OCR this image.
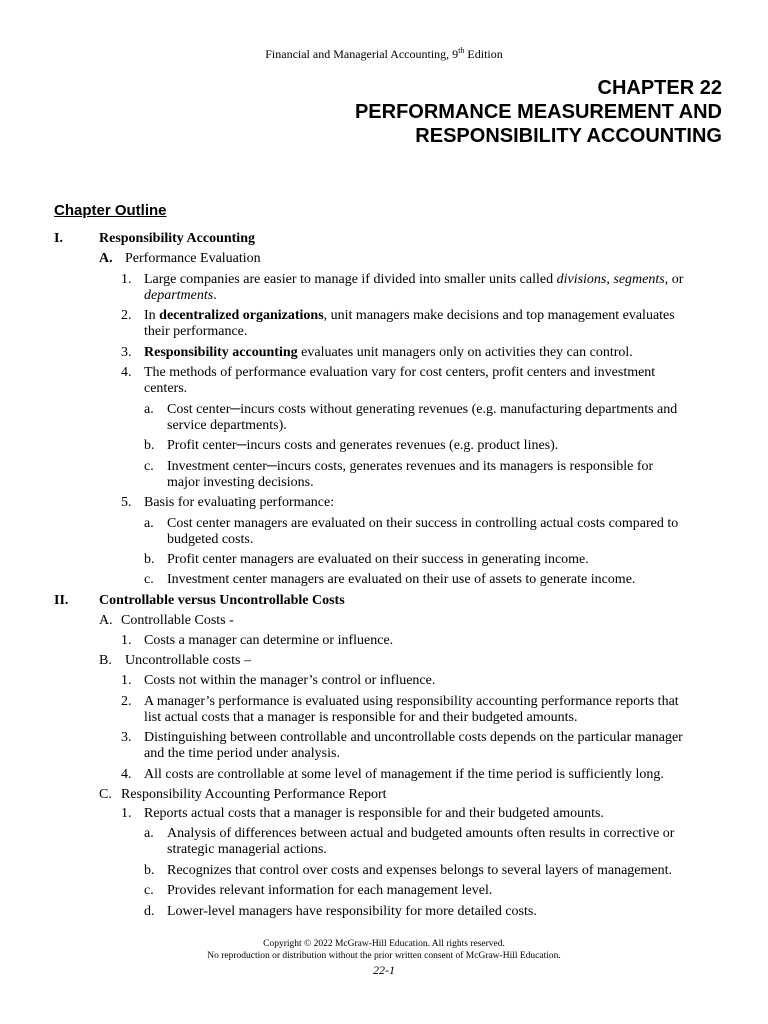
Financial and Managerial Accounting, 9th Edition
CHAPTER 22
PERFORMANCE MEASUREMENT AND
RESPONSIBILITY ACCOUNTING
Chapter Outline
I.	Responsibility Accounting
A. Performance Evaluation
1. Large companies are easier to manage if divided into smaller units called divisions, segments, or
departments.
2. In decentralized organizations, unit managers make decisions and top management evaluates
their performance.
3. Responsibility accounting evaluates unit managers only on activities they can control.
4. The methods of performance evaluation vary for cost centers, profit centers and investment
centers.
a. Cost center─incurs costs without generating revenues (e.g. manufacturing departments and
service departments).
b. Profit center─incurs costs and generates revenues (e.g. product lines).
c. Investment center─incurs costs, generates revenues and its managers is responsible for
major investing decisions.
5. Basis for evaluating performance:
a. Cost center managers are evaluated on their success in controlling actual costs compared to
budgeted costs.
b. Profit center managers are evaluated on their success in generating income.
c. Investment center managers are evaluated on their use of assets to generate income.
II. Controllable versus Uncontrollable Costs
A. Controllable Costs -
1. Costs a manager can determine or influence.
B. Uncontrollable costs –
1. Costs not within the manager’s control or influence.
2. A manager’s performance is evaluated using responsibility accounting performance reports that
list actual costs that a manager is responsible for and their budgeted amounts.
3. Distinguishing between controllable and uncontrollable costs depends on the particular manager
and the time period under analysis.
4. All costs are controllable at some level of management if the time period is sufficiently long.
C. Responsibility Accounting Performance Report
1. Reports actual costs that a manager is responsible for and their budgeted amounts.
a. Analysis of differences between actual and budgeted amounts often results in corrective or
strategic managerial actions.
b. Recognizes that control over costs and expenses belongs to several layers of management.
c. Provides relevant information for each management level.
d. Lower-level managers have responsibility for more detailed costs.
Copyright © 2022 McGraw-Hill Education. All rights reserved.
No reproduction or distribution without the prior written consent of McGraw-Hill Education.
22-1
